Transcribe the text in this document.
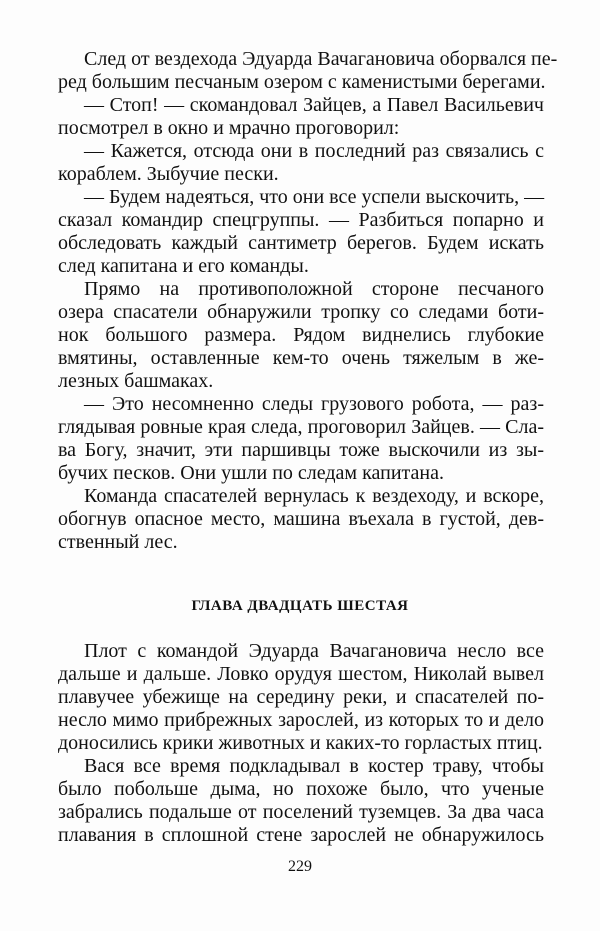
След от вездехода Эдуарда Вачагановича оборвался пе-
ред большим песчаным озером с каменистыми берегами.
— Стоп! — скомандовал Зайцев, а Павел Васильевич
посмотрел в окно и мрачно проговорил:
— Кажется, отсюда они в последний раз связались с
кораблем. Зыбучие пески.
— Будем надеяться, что они все успели выскочить, —
сказал командир спецгруппы. — Разбиться попарно и
обследовать каждый сантиметр берегов. Будем искать
след капитана и его команды.
Прямо на противоположной стороне песчаного
озера спасатели обнаружили тропку со следами боти-
нок большого размера. Рядом виднелись глубокие
вмятины, оставленные кем-то очень тяжелым в же-
лезных башмаках.
— Это несомненно следы грузового робота, — раз-
глядывая ровные края следа, проговорил Зайцев. — Сла-
ва Богу, значит, эти паршивцы тоже выскочили из зы-
бучих песков. Они ушли по следам капитана.
Команда спасателей вернулась к вездеходу, и вскоре,
обогнув опасное место, машина въехала в густой, дев-
ственный лес.
ГЛАВА ДВАДЦАТЬ ШЕСТАЯ
Плот с командой Эдуарда Вачагановича несло все
дальше и дальше. Ловко орудуя шестом, Николай вывел
плавучее убежище на середину реки, и спасателей по-
несло мимо прибрежных зарослей, из которых то и дело
доносились крики животных и каких-то горластых птиц.
Вася все время подкладывал в костер траву, чтобы
было побольше дыма, но похоже было, что ученые
забрались подальше от поселений туземцев. За два часа
плавания в сплошной стене зарослей не обнаружилось
229
